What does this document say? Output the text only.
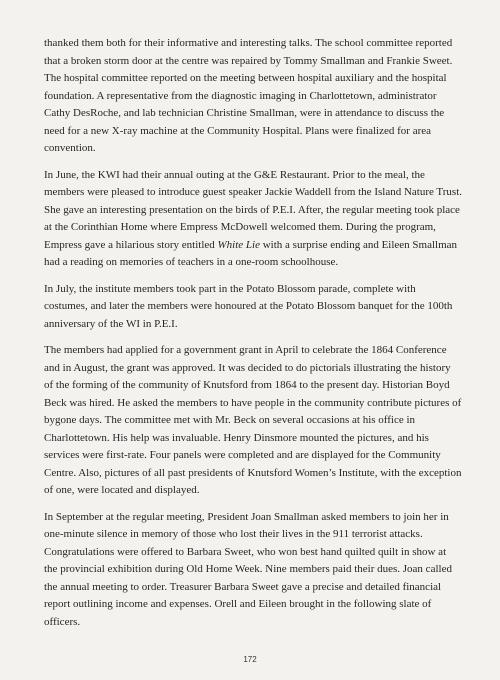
thanked them both for their informative and interesting talks. The school committee reported that a broken storm door at the centre was repaired by Tommy Smallman and Frankie Sweet. The hospital committee reported on the meeting between hospital auxiliary and the hospital foundation. A representative from the diagnostic imaging in Charlottetown, administrator Cathy DesRoche, and lab technician Christine Smallman, were in attendance to discuss the need for a new X-ray machine at the Community Hospital. Plans were finalized for area convention.

In June, the KWI had their annual outing at the G&E Restaurant. Prior to the meal, the members were pleased to introduce guest speaker Jackie Waddell from the Island Nature Trust. She gave an interesting presentation on the birds of P.E.I. After, the regular meeting took place at the Corinthian Home where Empress McDowell welcomed them. During the program, Empress gave a hilarious story entitled White Lie with a surprise ending and Eileen Smallman had a reading on memories of teachers in a one-room schoolhouse.

In July, the institute members took part in the Potato Blossom parade, complete with costumes, and later the members were honoured at the Potato Blossom banquet for the 100th anniversary of the WI in P.E.I.

The members had applied for a government grant in April to celebrate the 1864 Conference and in August, the grant was approved. It was decided to do pictorials illustrating the history of the forming of the community of Knutsford from 1864 to the present day. Historian Boyd Beck was hired. He asked the members to have people in the community contribute pictures of bygone days. The committee met with Mr. Beck on several occasions at his office in Charlottetown. His help was invaluable. Henry Dinsmore mounted the pictures, and his services were first-rate. Four panels were completed and are displayed for the Community Centre. Also, pictures of all past presidents of Knutsford Women’s Institute, with the exception of one, were located and displayed.

In September at the regular meeting, President Joan Smallman asked members to join her in one-minute silence in memory of those who lost their lives in the 911 terrorist attacks. Congratulations were offered to Barbara Sweet, who won best hand quilted quilt in show at the provincial exhibition during Old Home Week. Nine members paid their dues. Joan called the annual meeting to order. Treasurer Barbara Sweet gave a precise and detailed financial report outlining income and expenses. Orell and Eileen brought in the following slate of officers.

172
